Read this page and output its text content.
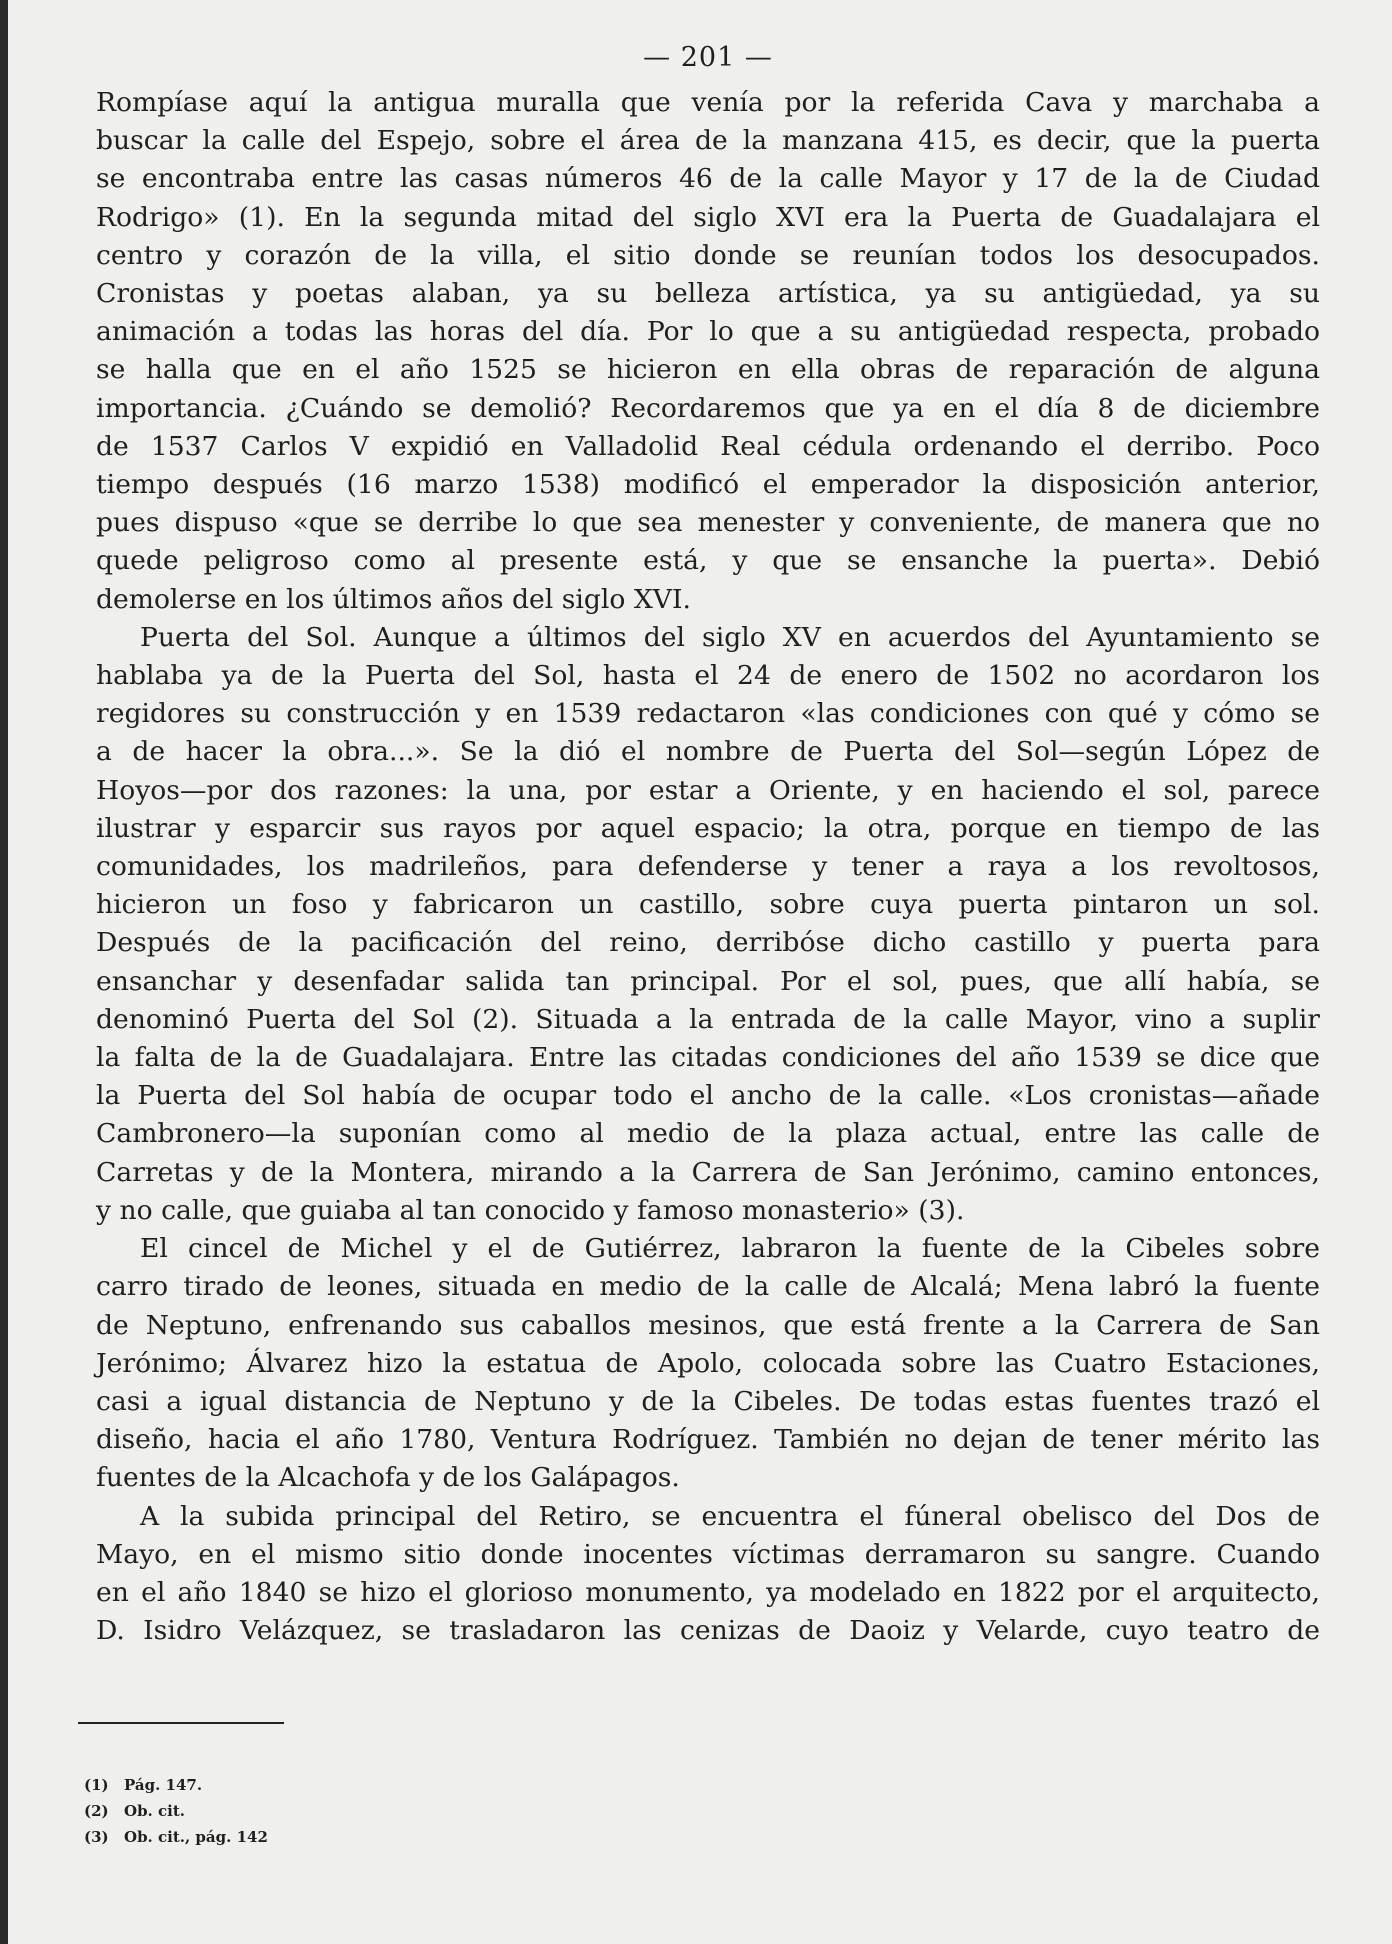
— 201 —
Rompíase aquí la antigua muralla que venía por la referida Cava y marchaba a
buscar la calle del Espejo, sobre el área de la manzana 415, es decir, que la puerta
se encontraba entre las casas números 46 de la calle Mayor y 17 de la de Ciudad
Rodrigo» (1). En la segunda mitad del siglo XVI era la Puerta de Guadalajara el
centro y corazón de la villa, el sitio donde se reunían todos los desocupados.
Cronistas y poetas alaban, ya su belleza artística, ya su antigüedad, ya su
animación a todas las horas del día. Por lo que a su antigüedad respecta, probado
se halla que en el año 1525 se hicieron en ella obras de reparación de alguna
importancia. ¿Cuándo se demolió? Recordaremos que ya en el día 8 de diciembre
de 1537 Carlos V expidió en Valladolid Real cédula ordenando el derribo. Poco
tiempo después (16 marzo 1538) modificó el emperador la disposición anterior,
pues dispuso «que se derribe lo que sea menester y conveniente, de manera que no
quede peligroso como al presente está, y que se ensanche la puerta». Debió
demolerse en los últimos años del siglo XVI.
Puerta del Sol. Aunque a últimos del siglo XV en acuerdos del Ayuntamiento se
hablaba ya de la Puerta del Sol, hasta el 24 de enero de 1502 no acordaron los
regidores su construcción y en 1539 redactaron «las condiciones con qué y cómo se
a de hacer la obra...». Se la dió el nombre de Puerta del Sol—según López de
Hoyos—por dos razones: la una, por estar a Oriente, y en haciendo el sol, parece
ilustrar y esparcir sus rayos por aquel espacio; la otra, porque en tiempo de las
comunidades, los madrileños, para defenderse y tener a raya a los revoltosos,
hicieron un foso y fabricaron un castillo, sobre cuya puerta pintaron un sol.
Después de la pacificación del reino, derribóse dicho castillo y puerta para
ensanchar y desenfadar salida tan principal. Por el sol, pues, que allí había, se
denominó Puerta del Sol (2). Situada a la entrada de la calle Mayor, vino a suplir
la falta de la de Guadalajara. Entre las citadas condiciones del año 1539 se dice que
la Puerta del Sol había de ocupar todo el ancho de la calle. «Los cronistas—añade
Cambronero—la suponían como al medio de la plaza actual, entre las calle de
Carretas y de la Montera, mirando a la Carrera de San Jerónimo, camino entonces,
y no calle, que guiaba al tan conocido y famoso monasterio» (3).
El cincel de Michel y el de Gutiérrez, labraron la fuente de la Cibeles sobre
carro tirado de leones, situada en medio de la calle de Alcalá; Mena labró la fuente
de Neptuno, enfrenando sus caballos mesinos, que está frente a la Carrera de San
Jerónimo; Álvarez hizo la estatua de Apolo, colocada sobre las Cuatro Estaciones,
casi a igual distancia de Neptuno y de la Cibeles. De todas estas fuentes trazó el
diseño, hacia el año 1780, Ventura Rodríguez. También no dejan de tener mérito las
fuentes de la Alcachofa y de los Galápagos.
A la subida principal del Retiro, se encuentra el fúneral obelisco del Dos de
Mayo, en el mismo sitio donde inocentes víctimas derramaron su sangre. Cuando
en el año 1840 se hizo el glorioso monumento, ya modelado en 1822 por el arquitecto,
D. Isidro Velázquez, se trasladaron las cenizas de Daoiz y Velarde, cuyo teatro de
(1) Pág. 147.
(2) Ob. cit.
(3) Ob. cit., pág. 142
